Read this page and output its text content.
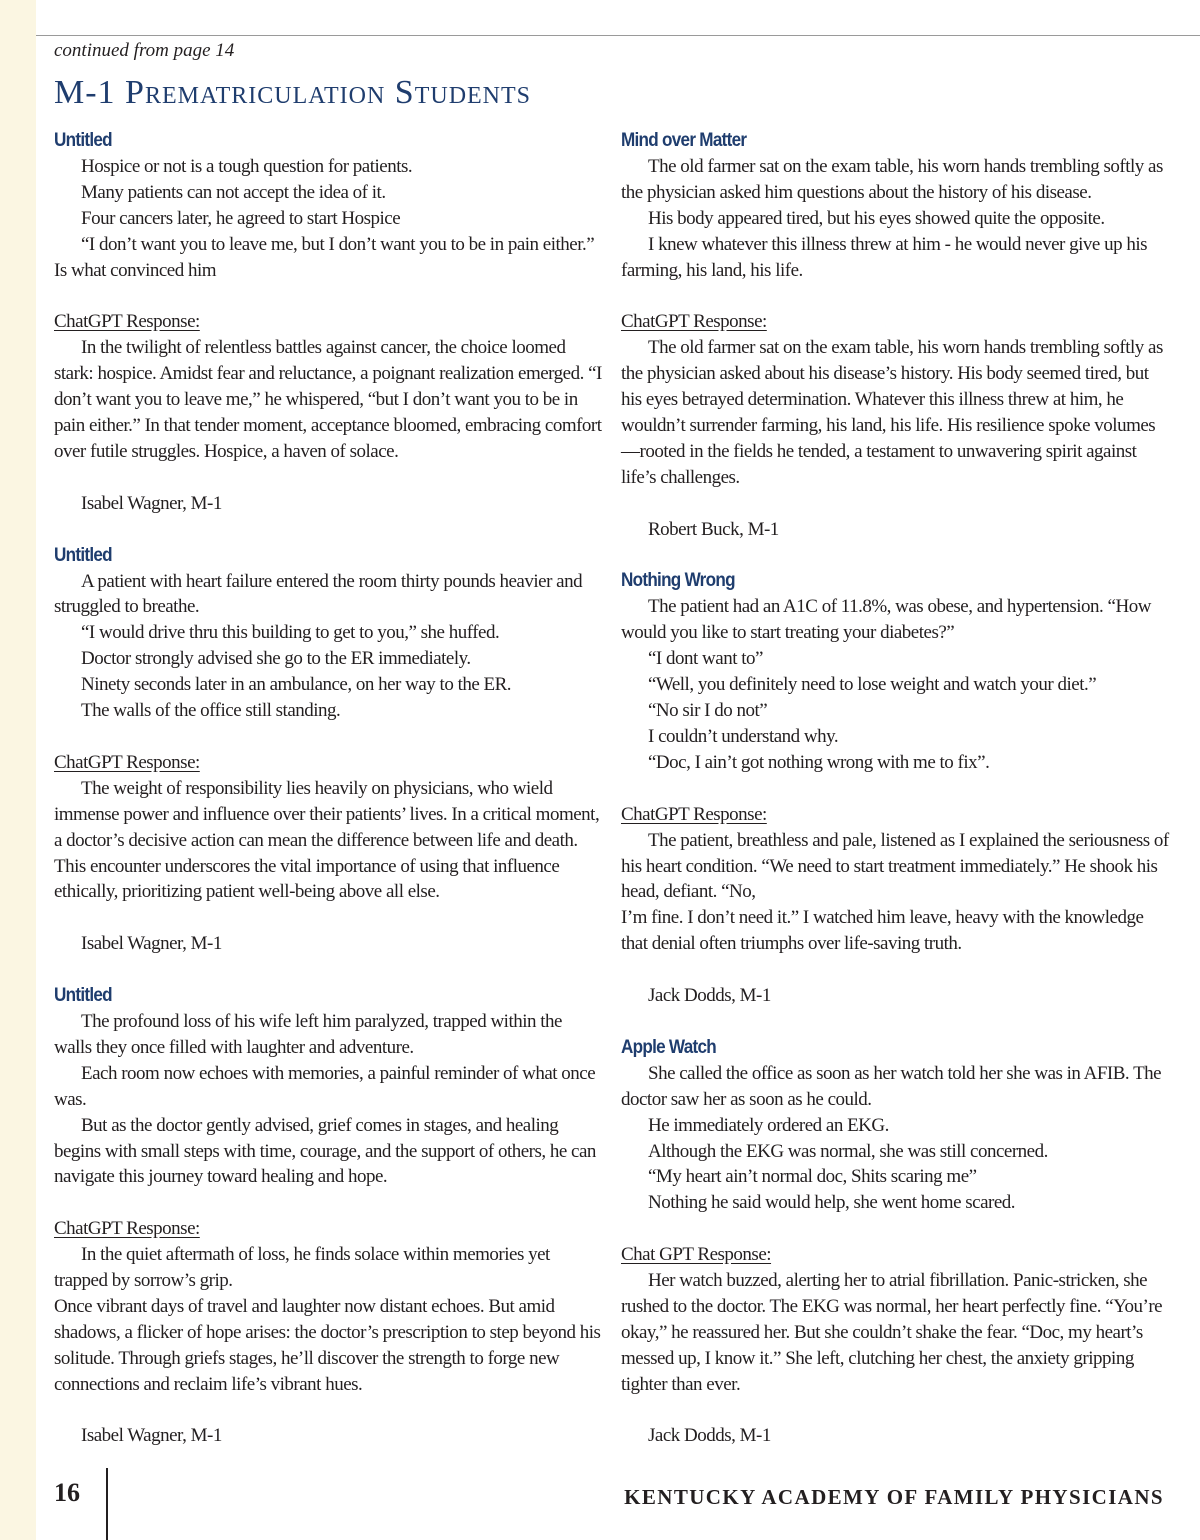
continued from page 14
M-1 Prematriculation Students
Untitled

Hospice or not is a tough question for patients.

Many patients can not accept the idea of it.

Four cancers later, he agreed to start Hospice

“I don’t want you to leave me, but I don’t want you to be in pain either.” Is what convinced him

ChatGPT Response:

In the twilight of relentless battles against cancer, the choice loomed stark: hospice. Amidst fear and reluctance, a poignant realization emerged. “I don’t want you to leave me,” he whispered, “but I don’t want you to be in pain either.” In that tender moment, acceptance bloomed, embracing comfort over futile struggles. Hospice, a haven of solace.

Isabel Wagner, M-1

Untitled

A patient with heart failure entered the room thirty pounds heavier and struggled to breathe.

“I would drive thru this building to get to you,” she huffed.

Doctor strongly advised she go to the ER immediately.

Ninety seconds later in an ambulance, on her way to the ER.

The walls of the office still standing.

ChatGPT Response:

The weight of responsibility lies heavily on physicians, who wield immense power and influence over their patients’ lives. In a critical moment, a doctor’s decisive action can mean the difference between life and death. This encounter underscores the vital importance of using that influence ethically, prioritizing patient well-being above all else.

Isabel Wagner, M-1

Untitled

The profound loss of his wife left him paralyzed, trapped within the walls they once filled with laughter and adventure.

Each room now echoes with memories, a painful reminder of what once was.

But as the doctor gently advised, grief comes in stages, and healing begins with small steps with time, courage, and the support of others, he can navigate this journey toward healing and hope.

ChatGPT Response:

In the quiet aftermath of loss, he finds solace within memories yet trapped by sorrow’s grip.

Once vibrant days of travel and laughter now distant echoes. But amid shadows, a flicker of hope arises: the doctor’s prescription to step beyond his solitude. Through griefs stages, he’ll discover the strength to forge new connections and reclaim life’s vibrant hues.

Isabel Wagner, M-1

Mind over Matter

The old farmer sat on the exam table, his worn hands trembling softly as the physician asked him questions about the history of his disease.

His body appeared tired, but his eyes showed quite the opposite.

I knew whatever this illness threw at him - he would never give up his farming, his land, his life.

ChatGPT Response:

The old farmer sat on the exam table, his worn hands trembling softly as the physician asked about his disease’s history. His body seemed tired, but his eyes betrayed determination. Whatever this illness threw at him, he wouldn’t surrender farming, his land, his life. His resilience spoke volumes—rooted in the fields he tended, a testament to unwavering spirit against life’s challenges.

Robert Buck, M-1

Nothing Wrong

The patient had an A1C of 11.8%, was obese, and hypertension. “How would you like to start treating your diabetes?”

“I dont want to”

“Well, you definitely need to lose weight and watch your diet.”

“No sir I do not”

I couldn’t understand why.

“Doc, I ain’t got nothing wrong with me to fix”.

ChatGPT Response:

The patient, breathless and pale, listened as I explained the seriousness of his heart condition. “We need to start treatment immediately.” He shook his head, defiant. “No,

I’m fine. I don’t need it.” I watched him leave, heavy with the knowledge that denial often triumphs over life-saving truth.

Jack Dodds, M-1

Apple Watch

She called the office as soon as her watch told her she was in AFIB. The doctor saw her as soon as he could.

He immediately ordered an EKG.

Although the EKG was normal, she was still concerned.

“My heart ain’t normal doc, Shits scaring me”

Nothing he said would help, she went home scared.

Chat GPT Response:

Her watch buzzed, alerting her to atrial fibrillation. Panic-stricken, she rushed to the doctor. The EKG was normal, her heart perfectly fine. “You’re okay,” he reassured her. But she couldn’t shake the fear. “Doc, my heart’s messed up, I know it.” She left, clutching her chest, the anxiety gripping tighter than ever.

Jack Dodds, M-1

16	KENTUCKY ACADEMY OF FAMILY PHYSICIANS
